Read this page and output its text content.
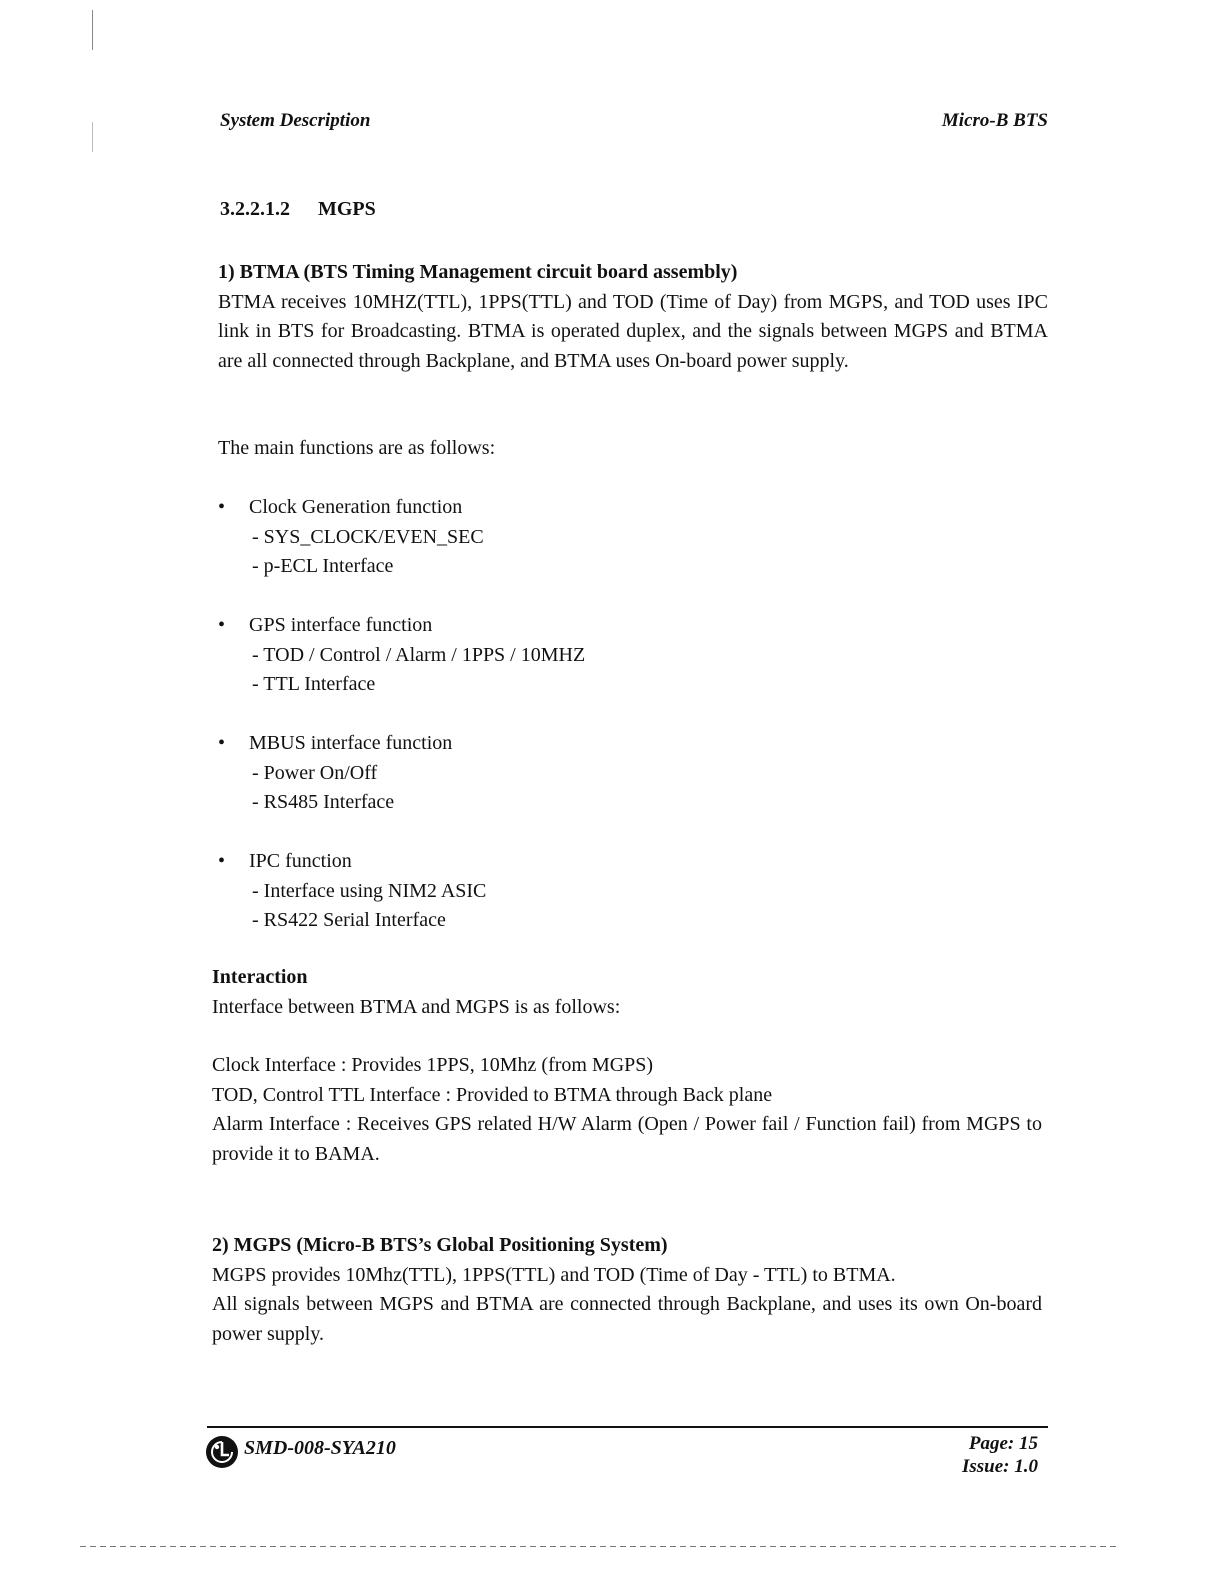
System Description	Micro-B BTS
3.2.2.1.2 MGPS

1) BTMA (BTS Timing Management circuit board assembly)

BTMA receives 10MHZ(TTL), 1PPS(TTL) and TOD (Time of Day) from MGPS, and TOD uses IPC link in BTS for Broadcasting. BTMA is operated duplex, and the signals between MGPS and BTMA are all connected through Backplane, and BTMA uses On-board power supply.

The main functions are as follows:

• Clock Generation function
- SYS_CLOCK/EVEN_SEC
- p-ECL Interface
• GPS interface function
- TOD / Control / Alarm / 1PPS / 10MHZ
- TTL Interface
• MBUS interface function
- Power On/Off
- RS485 Interface
• IPC function
- Interface using NIM2 ASIC
- RS422 Serial Interface

Interaction

Interface between BTMA and MGPS is as follows:

Clock Interface : Provides 1PPS, 10Mhz (from MGPS)

TOD, Control TTL Interface : Provided to BTMA through Back plane

Alarm Interface : Receives GPS related H/W Alarm (Open / Power fail / Function fail) from MGPS to provide it to BAMA.

2) MGPS (Micro-B BTS’s Global Positioning System)

MGPS provides 10Mhz(TTL), 1PPS(TTL) and TOD (Time of Day - TTL) to BTMA.

All signals between MGPS and BTMA are connected through Backplane, and uses its own On-board power supply.

SMD-008-SYA210	Page: 15
Issue: 1.0
